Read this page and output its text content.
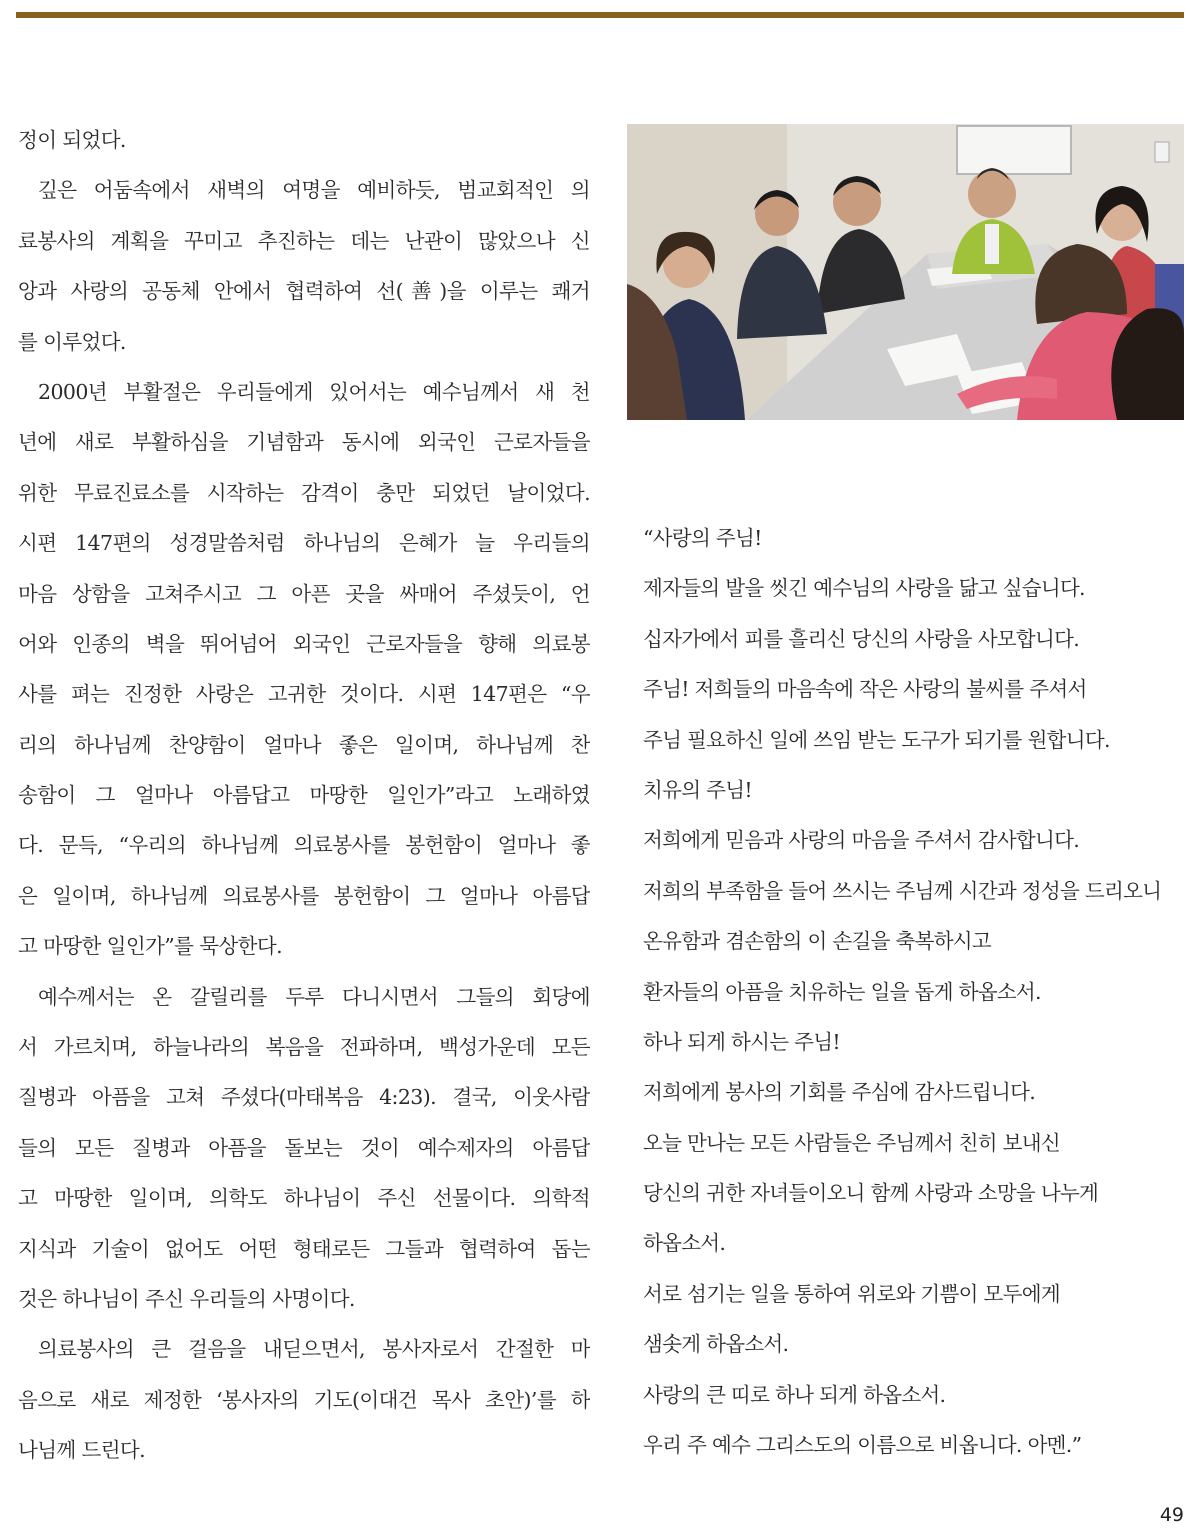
정이 되었다.
깊은 어둠속에서 새벽의 여명을 예비하듯, 범교회적인 의
료봉사의 계획을 꾸미고 추진하는 데는 난관이 많았으나 신
앙과 사랑의 공동체 안에서 협력하여 선(善)을 이루는 쾌거
를 이루었다.
2000년 부활절은 우리들에게 있어서는 예수님께서 새 천
년에 새로 부활하심을 기념함과 동시에 외국인 근로자들을
위한 무료진료소를 시작하는 감격이 충만 되었던 날이었다.
시편 147편의 성경말씀처럼 하나님의 은혜가 늘 우리들의
마음 상함을 고쳐주시고 그 아픈 곳을 싸매어 주셨듯이, 언
어와 인종의 벽을 뛰어넘어 외국인 근로자들을 향해 의료봉
사를 펴는 진정한 사랑은 고귀한 것이다. 시편 147편은 “우
리의 하나님께 찬양함이 얼마나 좋은 일이며, 하나님께 찬
송함이 그 얼마나 아름답고 마땅한 일인가”라고 노래하였
다. 문득, “우리의 하나님께 의료봉사를 봉헌함이 얼마나 좋
은 일이며, 하나님께 의료봉사를 봉헌함이 그 얼마나 아름답
고 마땅한 일인가”를 묵상한다.
예수께서는 온 갈릴리를 두루 다니시면서 그들의 회당에
서 가르치며, 하늘나라의 복음을 전파하며, 백성가운데 모든
질병과 아픔을 고쳐 주셨다(마태복음 4:23). 결국, 이웃사람
들의 모든 질병과 아픔을 돌보는 것이 예수제자의 아름답
고 마땅한 일이며, 의학도 하나님이 주신 선물이다. 의학적
지식과 기술이 없어도 어떤 형태로든 그들과 협력하여 돕는
것은 하나님이 주신 우리들의 사명이다.
의료봉사의 큰 걸음을 내딛으면서, 봉사자로서 간절한 마
음으로 새로 제정한 ‘봉사자의 기도(이대건 목사 초안)’를 하
나님께 드린다.
“사랑의 주님!
제자들의 발을 씻긴 예수님의 사랑을 닮고 싶습니다.
십자가에서 피를 흘리신 당신의 사랑을 사모합니다.
주님! 저희들의 마음속에 작은 사랑의 불씨를 주셔서
주님 필요하신 일에 쓰임 받는 도구가 되기를 원합니다.
치유의 주님!
저희에게 믿음과 사랑의 마음을 주셔서 감사합니다.
저희의 부족함을 들어 쓰시는 주님께 시간과 정성을 드리오니
온유함과 겸손함의 이 손길을 축복하시고
환자들의 아픔을 치유하는 일을 돕게 하옵소서.
하나 되게 하시는 주님!
저희에게 봉사의 기회를 주심에 감사드립니다.
오늘 만나는 모든 사람들은 주님께서 친히 보내신
당신의 귀한 자녀들이오니 함께 사랑과 소망을 나누게
하옵소서.
서로 섬기는 일을 통하여 위로와 기쁨이 모두에게
샘솟게 하옵소서.
사랑의 큰 띠로 하나 되게 하옵소서.
우리 주 예수 그리스도의 이름으로 비옵니다. 아멘.”
49
